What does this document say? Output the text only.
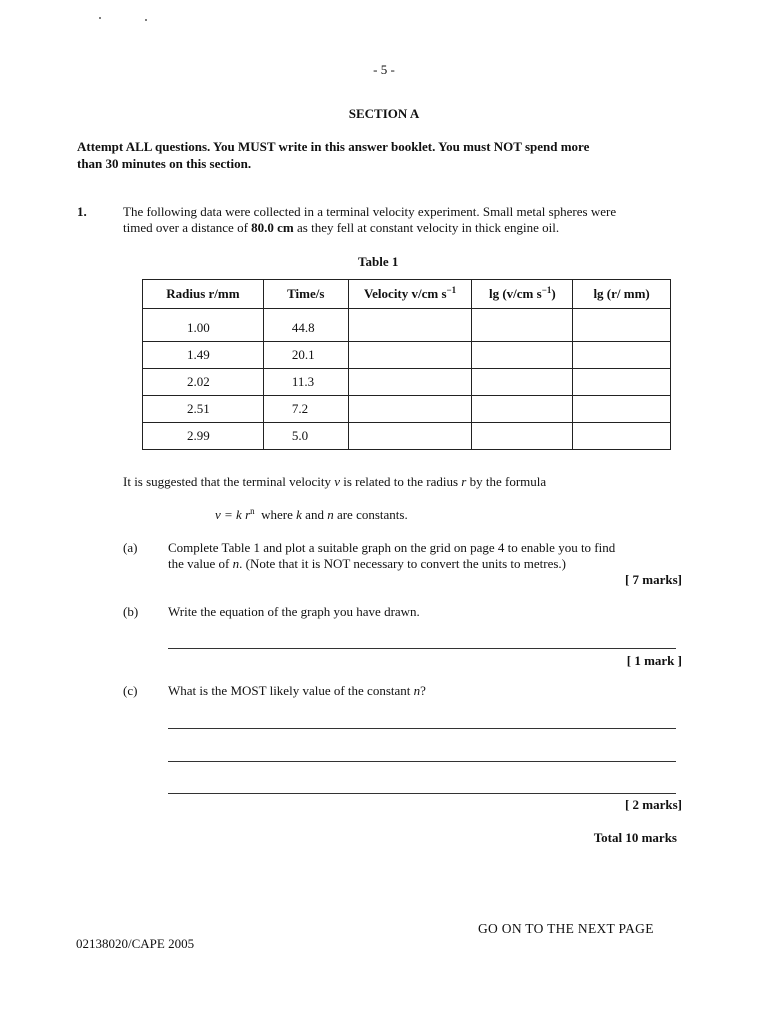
- 5 -
SECTION A
Attempt ALL questions. You MUST write in this answer booklet. You must NOT spend more
than 30 minutes on this section.
1.	The following data were collected in a terminal velocity experiment. Small metal spheres were
timed over a distance of 80.0 cm as they fell at constant velocity in thick engine oil.
Table 1
Radius r/mm	Time/s	Velocity v/cm $s^{-1}$	lg (v/cm $s^{-1}$)	lg (r/ mm)
1.00	44.8			
1.49	20.1			
2.02	11.3			
2.51	7.2			
2.99	5.0			
It is suggested that the terminal velocity v is related to the radius r by the formula
v = k $r^n$  where k and n are constants.
(a) Complete Table 1 and plot a suitable graph on the grid on page 4 to enable you to find
the value of n. (Note that it is NOT necessary to convert the units to metres.)
[ 7 marks]
(b) Write the equation of the graph you have drawn.
[ 1 mark ]
(c) What is the MOST likely value of the constant n?
[ 2 marks]
Total 10 marks
GO ON TO THE NEXT PAGE
02138020/CAPE 2005
